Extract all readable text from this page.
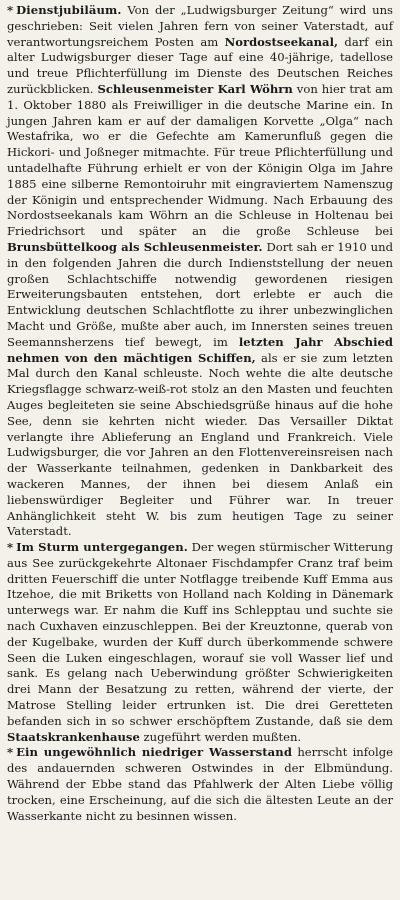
* Dienstjubiläum. Von der „Ludwigsburger Zeitung“ wird uns geschrieben: Seit vielen Jahren fern von seiner Vaterstadt, auf verantwortungsreichem Posten am Nordostseekanal, darf ein alter Ludwigsburger dieser Tage auf eine 40-jährige, tadellose und treue Pflichterfüllung im Dienste des Deutschen Reiches zurückblicken. Schleusenmeister Karl Wöhrn von hier trat am 1. Oktober 1880 als Freiwilliger in die deutsche Marine ein. In jungen Jahren kam er auf der damaligen Korvette „Olga“ nach Westafrika, wo er die Gefechte am Kamerunfluß gegen die Hickori- und Joßneger mitmachte. Für treue Pflichterfüllung und untadelhafte Führung erhielt er von der Königin Olga im Jahre 1885 eine silberne Remontoiruhr mit eingraviertem Namenszug der Königin und entsprechender Widmung. Nach Erbauung des Nordostseekanals kam Wöhrn an die Schleuse in Holtenau bei Friedrichsort und später an die große Schleuse bei Brunsbüttelkoog als Schleusenmeister. Dort sah er 1910 und in den folgenden Jahren die durch Indienststellung der neuen großen Schlachtschiffe notwendig gewordenen riesigen Erweiterungsbauten entstehen, dort erlebte er auch die Entwicklung deutschen Schlachtflotte zu ihrer unbezwinglichen Macht und Größe, mußte aber auch, im Innersten seines treuen Seemannsherzens tief bewegt, im letzten Jahr Abschied nehmen von den mächtigen Schiffen, als er sie zum letzten Mal durch den Kanal schleuste. Noch wehte die alte deutsche Kriegsflagge schwarz-weiß-rot stolz an den Masten und feuchten Auges begleiteten sie seine Abschiedsgrüße hinaus auf die hohe See, denn sie kehrten nicht wieder. Das Versailler Diktat verlangte ihre Ablieferung an England und Frankreich. Viele Ludwigsburger, die vor Jahren an den Flottenvereinsreisen nach der Wasserkante teilnahmen, gedenken in Dankbarkeit des wackeren Mannes, der ihnen bei diesem Anlaß ein liebenswürdiger Begleiter und Führer war. In treuer Anhänglichkeit steht W. bis zum heutigen Tage zu seiner Vaterstadt.

* Im Sturm untergegangen. Der wegen stürmischer Witterung aus See zurückgekehrte Altonaer Fischdampfer Cranz traf beim dritten Feuerschiff die unter Notflagge treibende Kuff Emma aus Itzehoe, die mit Briketts von Holland nach Kolding in Dänemark unterwegs war. Er nahm die Kuff ins Schlepptau und suchte sie nach Cuxhaven einzuschleppen. Bei der Kreuztonne, querab von der Kugelbake, wurden der Kuff durch überkommende schwere Seen die Luken eingeschlagen, worauf sie voll Wasser lief und sank. Es gelang nach Ueberwindung größter Schwierigkeiten drei Mann der Besatzung zu retten, während der vierte, der Matrose Stelling leider ertrunken ist. Die drei Geretteten befanden sich in so schwer erschöpftem Zustande, daß sie dem Staatskrankenhause zugeführt werden mußten.

* Ein ungewöhnlich niedriger Wasserstand herrscht infolge des andauernden schweren Ostwindes in der Elbmündung. Während der Ebbe stand das Pfahlwerk der Alten Liebe völlig trocken, eine Erscheinung, auf die sich die ältesten Leute an der Wasserkante nicht zu besinnen wissen.
